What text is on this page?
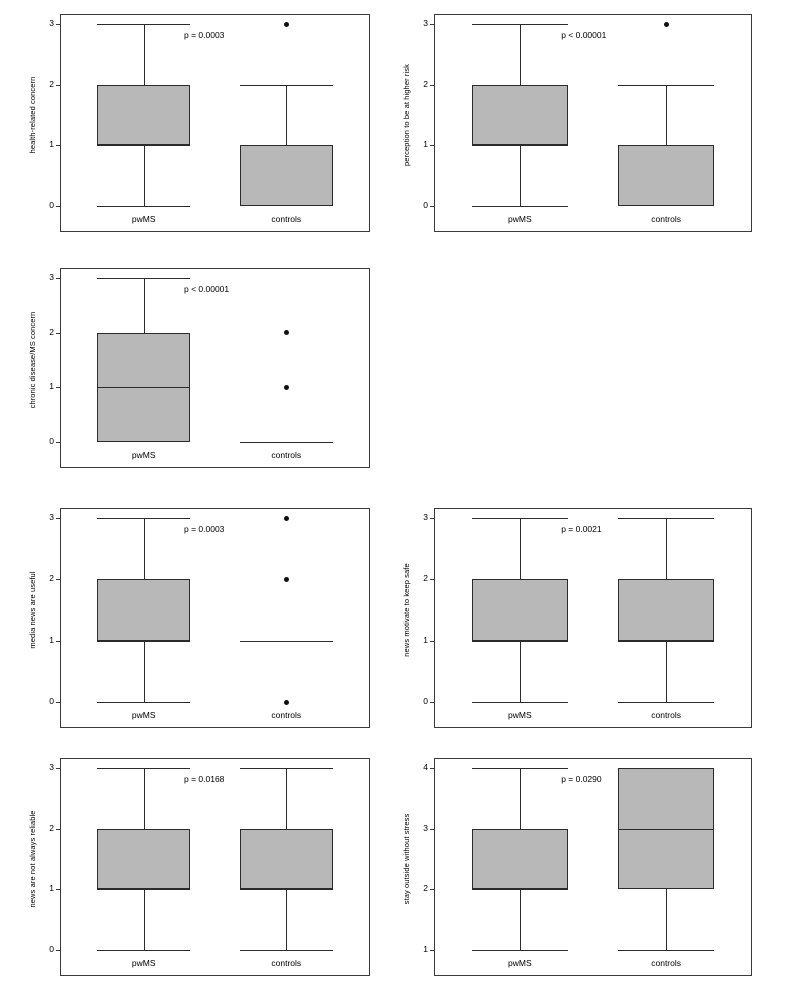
0
1
2
3
health-related concern
p = 0.0003
pwMS	controls
0
1
2
3
perception to be at higher risk
p < 0.00001
pwMS	controls
0
1
2
3
chronic disease/MS concern
p < 0.00001
pwMS	controls
0
1
2
3
media news are useful
p = 0.0003
pwMS	controls
0
1
2
3
news motivate to keep safe
p = 0.0021
pwMS	controls
0
1
2
3
news are not always reliable
p = 0.0168
pwMS	controls
1
2
3
4
stay outside without stress
p = 0.0290
pwMS	controls
